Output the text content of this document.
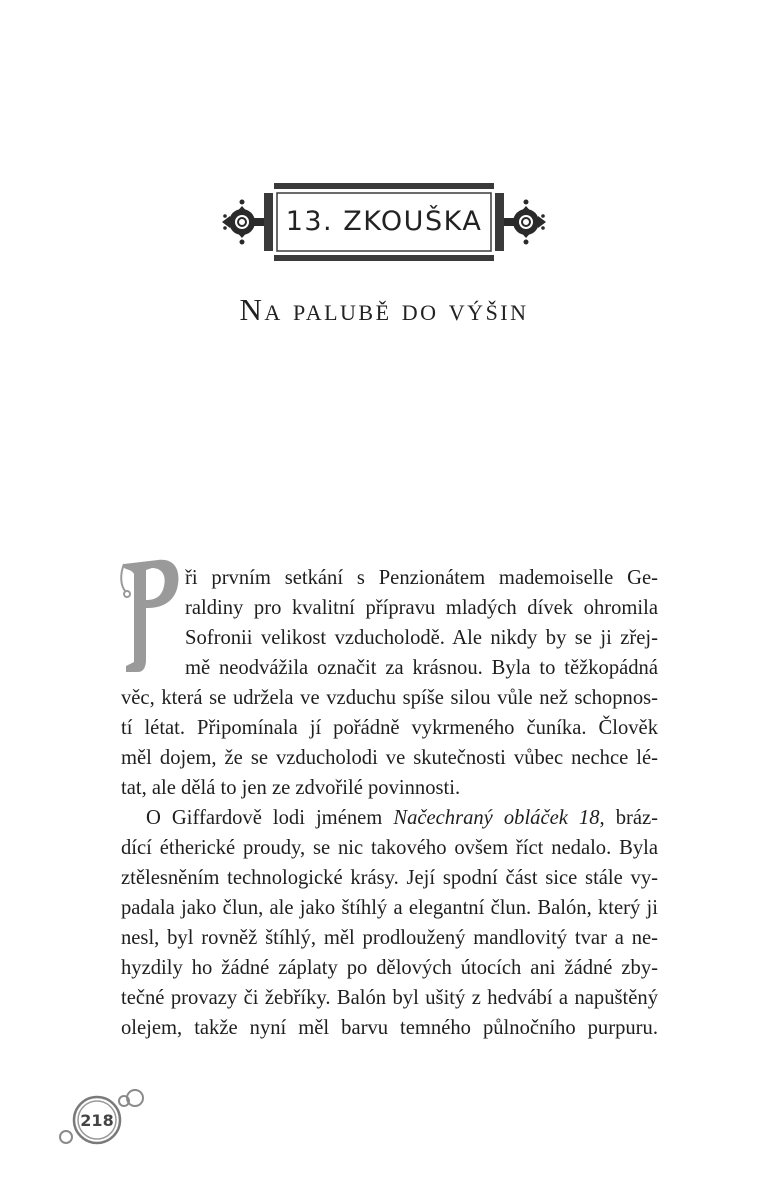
13. ZKOUŠKA
Na palubě do výšin
ři prvním setkání s Penzionátem mademoiselle Ge-
raldiny pro kvalitní přípravu mladých dívek ohromila
Sofronii velikost vzducholodě. Ale nikdy by se ji zřej-
mě neodvážila označit za krásnou. Byla to těžkopádná
věc, která se udržela ve vzduchu spíše silou vůle než schopnos-
tí létat. Připomínala jí pořádně vykrmeného čuníka. Člověk
měl dojem, že se vzducholodi ve skutečnosti vůbec nechce lé-
tat, ale dělá to jen ze zdvořilé povinnosti.
O Giffardově lodi jménem Načechraný obláček 18, bráz-
dící étherické proudy, se nic takového ovšem říct nedalo. Byla
ztělesněním technologické krásy. Její spodní část sice stále vy-
padala jako člun, ale jako štíhlý a elegantní člun. Balón, který ji
nesl, byl rovněž štíhlý, měl prodloužený mandlovitý tvar a ne-
hyzdily ho žádné záplaty po dělových útocích ani žádné zby-
tečné provazy či žebříky. Balón byl ušitý z hedvábí a napuštěný
olejem, takže nyní měl barvu temného půlnočního purpuru.
218
